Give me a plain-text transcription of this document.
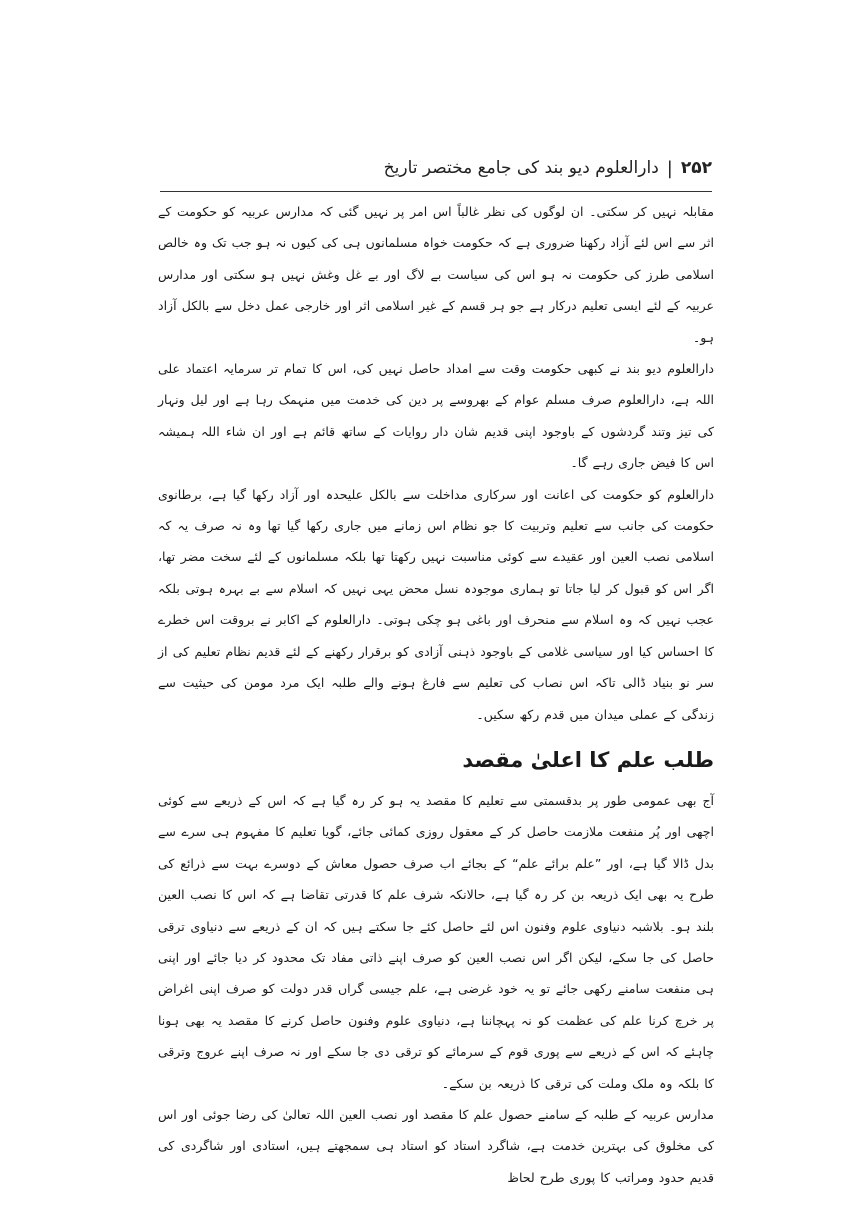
۲۵۲
|
دارالعلوم دیو بند کی جامع مختصر تاریخ

مقابلہ نہیں کر سکتی۔ ان لوگوں کی نظر غالباً اس امر پر نہیں گئی کہ مدارس عربیہ کو حکومت کے اثر سے اس لئے آزاد رکھنا ضروری ہے کہ حکومت خواہ مسلمانوں ہی کی کیوں نہ ہو جب تک وہ خالص اسلامی طرز کی حکومت نہ ہو اس کی سیاست بے لاگ اور بے غل وغش نہیں ہو سکتی اور مدارس عربیہ کے لئے ایسی تعلیم درکار ہے جو ہر قسم کے غیر اسلامی اثر اور خارجی عمل دخل سے بالکل آزاد ہو۔

دارالعلوم دیو بند نے کبھی حکومت وقت سے امداد حاصل نہیں کی، اس کا تمام تر سرمایہ اعتماد علی اللہ ہے، دارالعلوم صرف مسلم عوام کے بھروسے پر دین کی خدمت میں منہمک رہا ہے اور لیل ونہار کی تیز وتند گردشوں کے باوجود اپنی قدیم شان دار روایات کے ساتھ قائم ہے اور ان شاء اللہ ہمیشہ اس کا فیض جاری رہے گا۔

دارالعلوم کو حکومت کی اعانت اور سرکاری مداخلت سے بالکل علیحدہ اور آزاد رکھا گیا ہے، برطانوی حکومت کی جانب سے تعلیم وتربیت کا جو نظام اس زمانے میں جاری رکھا گیا تھا وہ نہ صرف یہ کہ اسلامی نصب العین اور عقیدے سے کوئی مناسبت نہیں رکھتا تھا بلکہ مسلمانوں کے لئے سخت مضر تھا، اگر اس کو قبول کر لیا جاتا تو ہماری موجودہ نسل محض یہی نہیں کہ اسلام سے بے بہرہ ہوتی بلکہ عجب نہیں کہ وہ اسلام سے منحرف اور باغی ہو چکی ہوتی۔ دارالعلوم کے اکابر نے بروقت اس خطرے کا احساس کیا اور سیاسی غلامی کے باوجود ذہنی آزادی کو برقرار رکھنے کے لئے قدیم نظام تعلیم کی از سر نو بنیاد ڈالی تاکہ اس نصاب کی تعلیم سے فارغ ہونے والے طلبہ ایک مرد مومن کی حیثیت سے زندگی کے عملی میدان میں قدم رکھ سکیں۔

طلب علم کا اعلیٰ مقصد

آج بھی عمومی طور پر بدقسمتی سے تعلیم کا مقصد یہ ہو کر رہ گیا ہے کہ اس کے ذریعے سے کوئی اچھی اور پُر منفعت ملازمت حاصل کر کے معقول روزی کمائی جائے، گویا تعلیم کا مفہوم ہی سرے سے بدل ڈالا گیا ہے، اور ”علم برائے علم“ کے بجائے اب صرف حصول معاش کے دوسرے بہت سے ذرائع کی طرح یہ بھی ایک ذریعہ بن کر رہ گیا ہے، حالانکہ شرف علم کا قدرتی تقاضا ہے کہ اس کا نصب العین بلند ہو۔ بلاشبہ دنیاوی علوم وفنون اس لئے حاصل کئے جا سکتے ہیں کہ ان کے ذریعے سے دنیاوی ترقی حاصل کی جا سکے، لیکن اگر اس نصب العین کو صرف اپنے ذاتی مفاد تک محدود کر دیا جائے اور اپنی ہی منفعت سامنے رکھی جائے تو یہ خود غرضی ہے، علم جیسی گراں قدر دولت کو صرف اپنی اغراض پر خرچ کرنا علم کی عظمت کو نہ پہچاننا ہے، دنیاوی علوم وفنون حاصل کرنے کا مقصد یہ بھی ہونا چاہئے کہ اس کے ذریعے سے پوری قوم کے سرمائے کو ترقی دی جا سکے اور نہ صرف اپنے عروج وترقی کا بلکہ وہ ملک وملت کی ترقی کا ذریعہ بن سکے۔

مدارس عربیہ کے طلبہ کے سامنے حصول علم کا مقصد اور نصب العین اللہ تعالیٰ کی رضا جوئی اور اس کی مخلوق کی بہترین خدمت ہے، شاگرد استاد کو استاد ہی سمجھتے ہیں، استادی اور شاگردی کی قدیم حدود ومراتب کا پوری طرح لحاظ
